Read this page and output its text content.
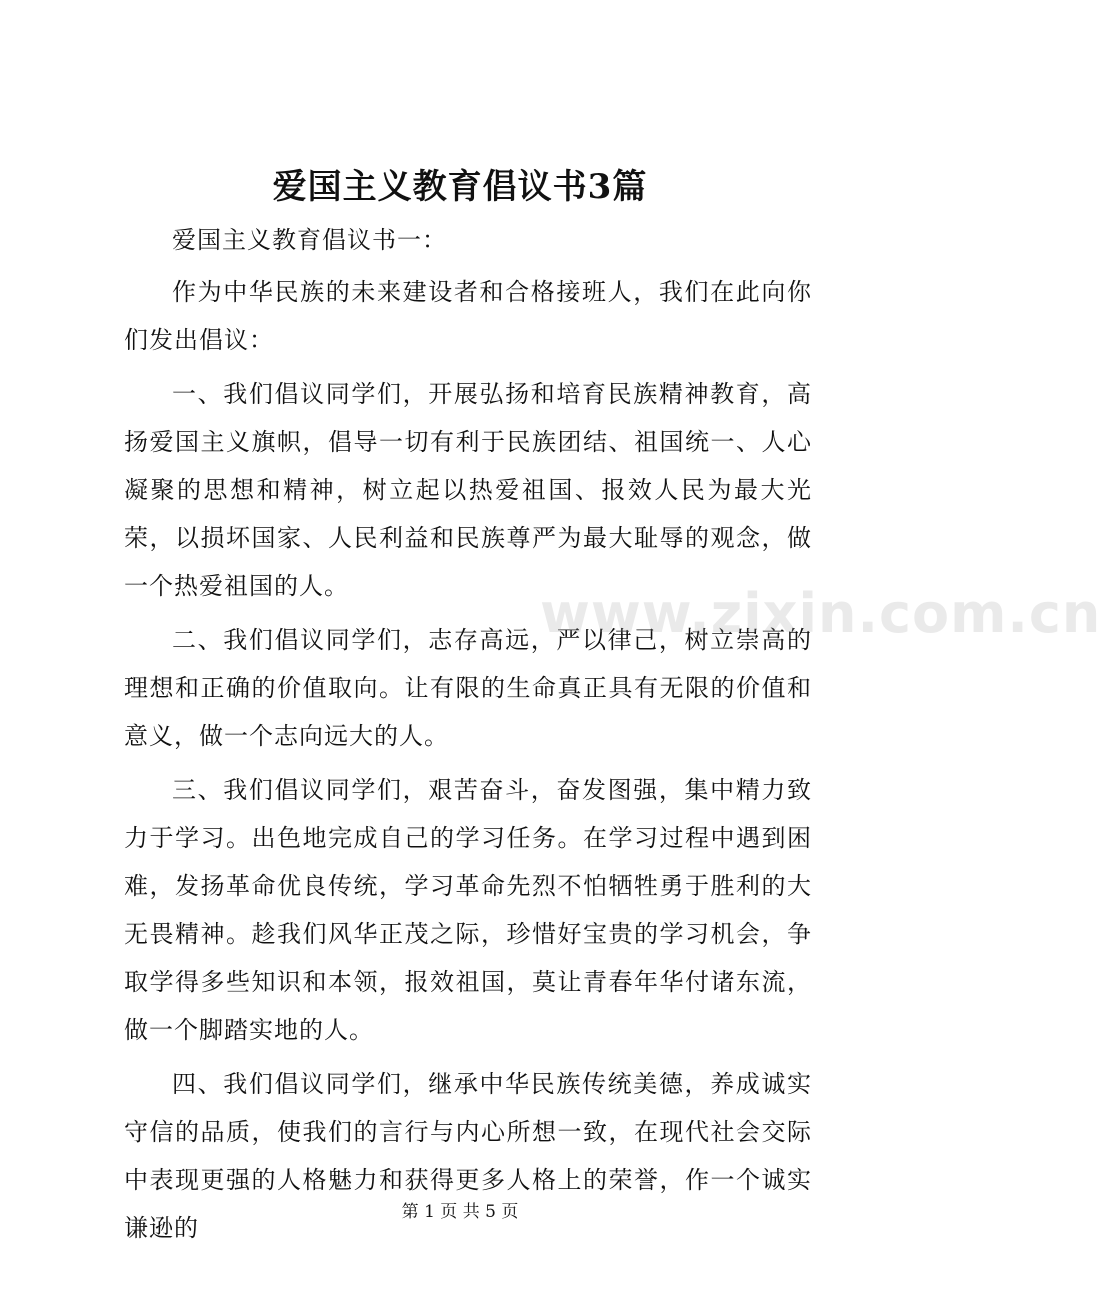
爱国主义教育倡议书3篇

爱国主义教育倡议书一：

作为中华民族的未来建设者和合格接班人，我们在此向你们发出倡议：

一、我们倡议同学们，开展弘扬和培育民族精神教育，高扬爱国主义旗帜，倡导一切有利于民族团结、祖国统一、人心凝聚的思想和精神，树立起以热爱祖国、报效人民为最大光荣，以损坏国家、人民利益和民族尊严为最大耻辱的观念，做一个热爱祖国的人。

二、我们倡议同学们，志存高远，严以律己，树立崇高的理想和正确的价值取向。让有限的生命真正具有无限的价值和意义，做一个志向远大的人。

三、我们倡议同学们，艰苦奋斗，奋发图强，集中精力致力于学习。出色地完成自己的学习任务。在学习过程中遇到困难，发扬革命优良传统，学习革命先烈不怕牺牲勇于胜利的大无畏精神。趁我们风华正茂之际，珍惜好宝贵的学习机会，争取学得多些知识和本领，报效祖国，莫让青春年华付诸东流，做一个脚踏实地的人。

四、我们倡议同学们，继承中华民族传统美德，养成诚实守信的品质，使我们的言行与内心所想一致，在现代社会交际中表现更强的人格魅力和获得更多人格上的荣誉，作一个诚实谦逊的

www.zixin.com.cn
第 1 页 共 5 页
